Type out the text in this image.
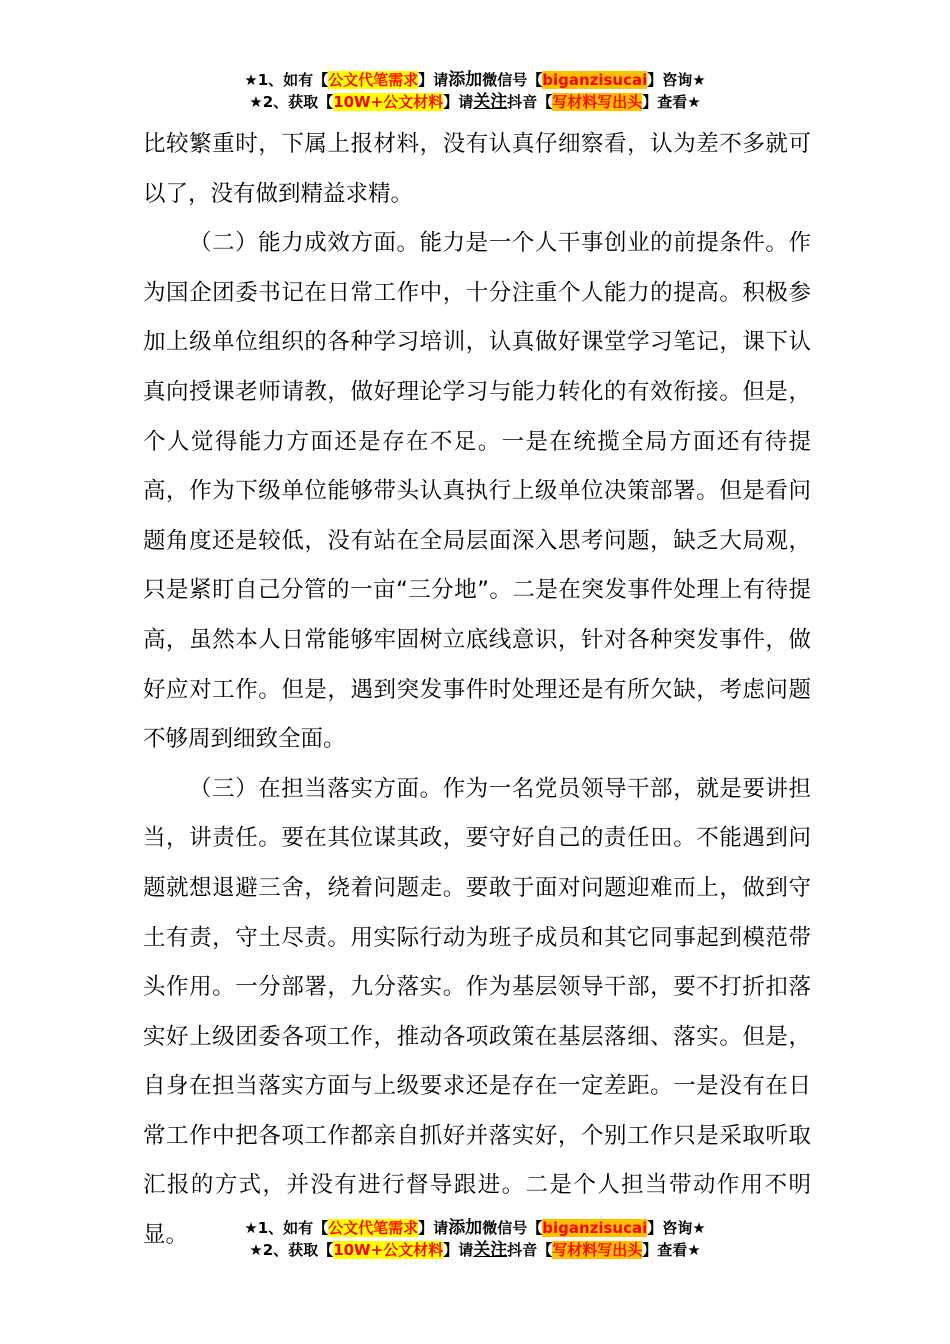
★1、如有【公文代笔需求】请添加微信号【biganzisucai】咨询★
★2、获取【10W+公文材料】请关注抖音【写材料写出头】查看★

比较繁重时，下属上报材料，没有认真仔细察看，认为差不多就可以了，没有做到精益求精。

（二）能力成效方面。能力是一个人干事创业的前提条件。作为国企团委书记在日常工作中，十分注重个人能力的提高。积极参加上级单位组织的各种学习培训，认真做好课堂学习笔记，课下认真向授课老师请教，做好理论学习与能力转化的有效衔接。但是，个人觉得能力方面还是存在不足。一是在统揽全局方面还有待提高，作为下级单位能够带头认真执行上级单位决策部署。但是看问题角度还是较低，没有站在全局层面深入思考问题，缺乏大局观，只是紧盯自己分管的一亩“三分地”。二是在突发事件处理上有待提高，虽然本人日常能够牢固树立底线意识，针对各种突发事件，做好应对工作。但是，遇到突发事件时处理还是有所欠缺，考虑问题不够周到细致全面。

（三）在担当落实方面。作为一名党员领导干部，就是要讲担当，讲责任。要在其位谋其政，要守好自己的责任田。不能遇到问题就想退避三舍，绕着问题走。要敢于面对问题迎难而上，做到守土有责，守土尽责。用实际行动为班子成员和其它同事起到模范带头作用。一分部署，九分落实。作为基层领导干部，要不打折扣落实好上级团委各项工作，推动各项政策在基层落细、落实。但是，自身在担当落实方面与上级要求还是存在一定差距。一是没有在日常工作中把各项工作都亲自抓好并落实好，个别工作只是采取听取汇报的方式，并没有进行督导跟进。二是个人担当带动作用不明显。	★1、如有【公文代笔需求】请添加微信号【biganzisucai】咨询★
★2、获取【10W+公文材料】请关注抖音【写材料写出头】查看★
